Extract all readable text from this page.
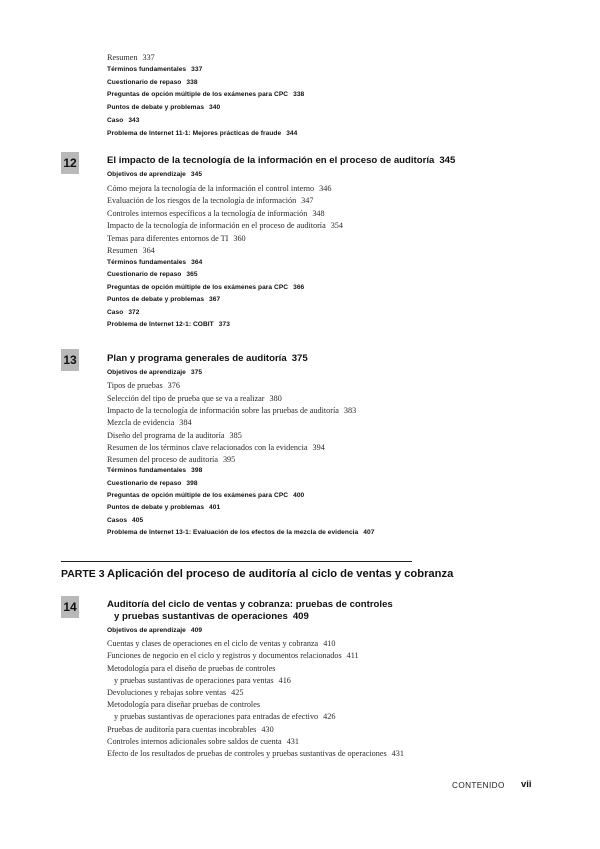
Resumen 337
Términos fundamentales 337
Cuestionario de repaso 338
Preguntas de opción múltiple de los exámenes para CPC 338
Puntos de debate y problemas 340
Caso 343
Problema de Internet 11-1: Mejores prácticas de fraude 344
12	El impacto de la tecnología de la información en el proceso de auditoría 345
Objetivos de aprendizaje 345
Cómo mejora la tecnología de la información el control interno 346
Evaluación de los riesgos de la tecnología de información 347
Controles internos específicos a la tecnología de información 348
Impacto de la tecnología de información en el proceso de auditoría 354
Temas para diferentes entornos de TI 360
Resumen 364
Términos fundamentales 364
Cuestionario de repaso 365
Preguntas de opción múltiple de los exámenes para CPC 366
Puntos de debate y problemas 367
Caso 372
Problema de Internet 12-1: COBIT 373
13	Plan y programa generales de auditoría 375
Objetivos de aprendizaje 375
Tipos de pruebas 376
Selección del tipo de prueba que se va a realizar 380
Impacto de la tecnología de información sobre las pruebas de auditoría 383
Mezcla de evidencia 384
Diseño del programa de la auditoría 385
Resumen de los términos clave relacionados con la evidencia 394
Resumen del proceso de auditoría 395
Términos fundamentales 398
Cuestionario de repaso 398
Preguntas de opción múltiple de los exámenes para CPC 400
Puntos de debate y problemas 401
Casos 405
Problema de Internet 13-1: Evaluación de los efectos de la mezcla de evidencia 407
PARTE 3 Aplicación del proceso de auditoría al ciclo de ventas y cobranza
14	Auditoría del ciclo de ventas y cobranza: pruebas de controles
y pruebas sustantivas de operaciones 409
Objetivos de aprendizaje 409
Cuentas y clases de operaciones en el ciclo de ventas y cobranza 410
Funciones de negocio en el ciclo y registros y documentos relacionados 411
Metodología para el diseño de pruebas de controles
y pruebas sustantivas de operaciones para ventas 416
Devoluciones y rebajas sobre ventas 425
Metodología para diseñar pruebas de controles
y pruebas sustantivas de operaciones para entradas de efectivo 426
Pruebas de auditoría para cuentas incobrables 430
Controles internos adicionales sobre saldos de cuenta 431
Efecto de los resultados de pruebas de controles y pruebas sustantivas de operaciones 431
CONTENIDO vii
